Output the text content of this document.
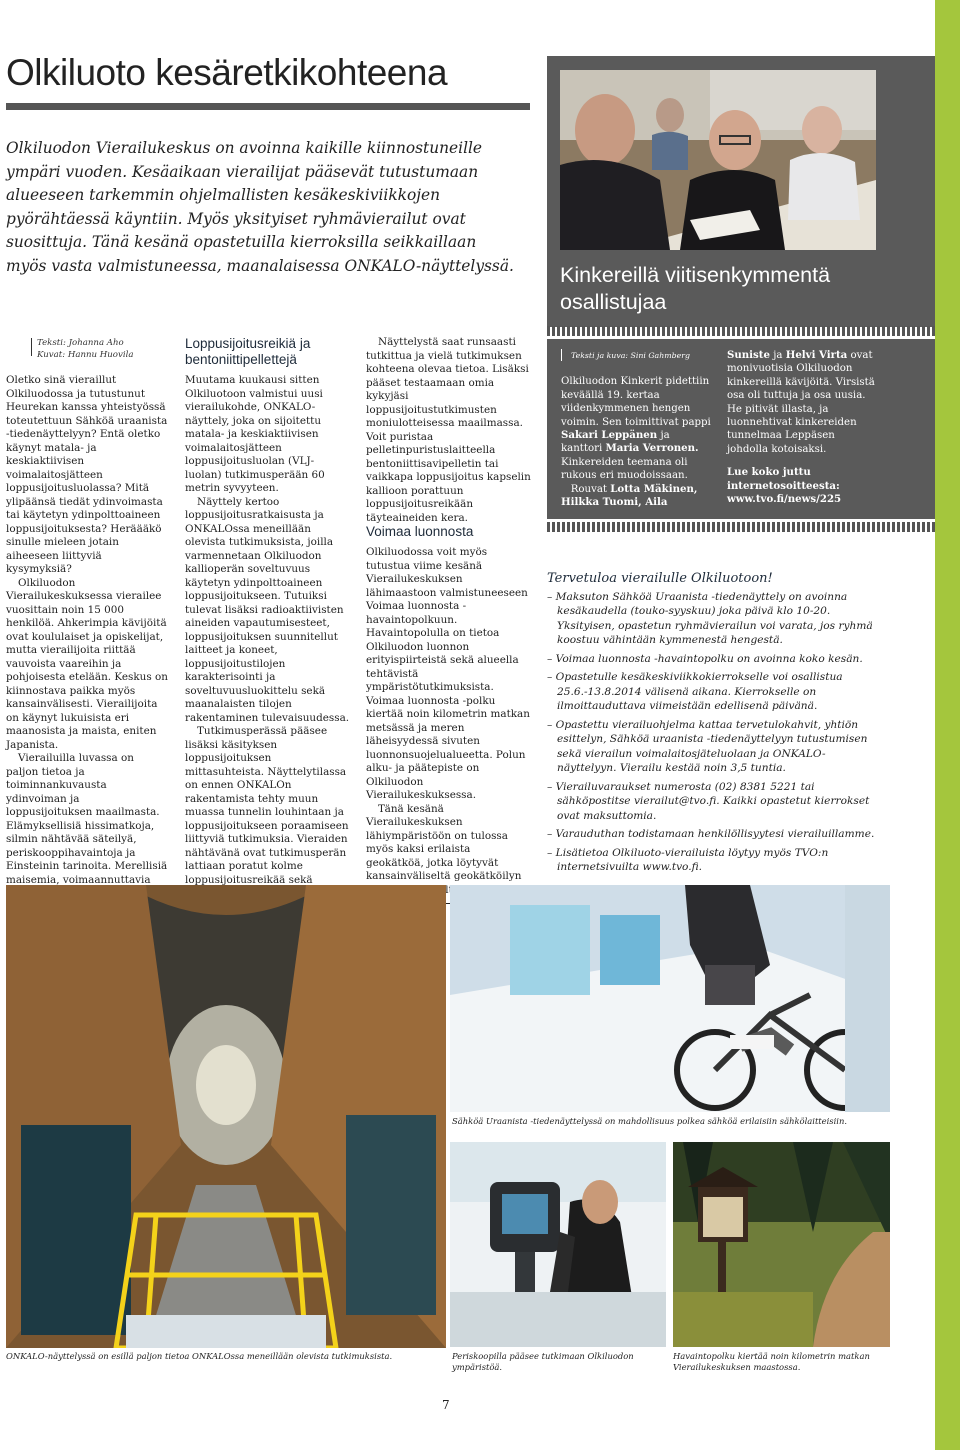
Olkiluoto kesäretkikohteena

Olkiluodon Vierailukeskus on avoinna kaikille kiinnostuneille ympäri vuoden. Kesäaikaan vierailijat pääsevät tutustumaan alueeseen tarkemmin ohjelmallisten kesäkeskiviikkojen pyörähtäessä käyntiin. Myös yksityiset ryhmävierailut ovat suosittuja. Tänä kesänä opastetuilla kierroksilla seikkaillaan myös vasta valmistuneessa, maanalaisessa ONKALO-näyttelyssä.

Teksti: Johanna Aho
Kuvat: Hannu Huovila

Oletko sinä vieraillut Olkiluodossa ja tutustunut Heurekan kanssa yhteistyössä toteutettuun Sähköä uraanista -tiedenäyttelyyn? Entä oletko käynyt matala- ja keskiaktiivisen voimalaitosjätteen loppusijoitusluolassa? Mitä ylipäänsä tiedät ydinvoimasta tai käytetyn ydinpolttoaineen loppusijoituksesta? Heräääkö sinulle mieleen jotain aiheeseen liittyviä kysymyksiä?

Olkiluodon Vierailukeskuksessa vierailee vuosittain noin 15 000 henkilöä. Ahkerimpia kävijöitä ovat koululaiset ja opiskelijat, mutta vierailijoita riittää vauvoista vaareihin ja pohjoisesta etelään. Keskus on kiinnostava paikka myös kansainvälisesti. Vierailijoita on käynyt lukuisista eri maanosista ja maista, eniten Japanista.

Vierailuilla luvassa on paljon tietoa ja toiminnankuvausta ydinvoiman ja loppusijoituksen maailmasta. Elämyksellisiä hissimatkoja, silmin nähtävää säteilyä, periskooppihavaintoja ja Einsteinin tarinoita. Merellisiä maisemia, voimaannuttavia

Loppusijoitusreikiä ja bentoniittipellettejä

Muutama kuukausi sitten Olkiluotoon valmistui uusi vierailukohde, ONKALO-näyttely, joka on sijoitettu matala- ja keskiaktiivisen voimalaitosjätteen loppusijoitusluolan (VLJ-luolan) tutkimusperään 60 metrin syvyyteen.

Näyttely kertoo loppusijoitusratkaisusta ja ONKALOssa meneillään olevista tutkimuksista, joilla varmennetaan Olkiluodon kallioperän soveltuvuus käytetyn ydinpolttoaineen loppusijoitukseen. Tutuiksi tulevat lisäksi radioaktiivisten aineiden vapautumisesteet, loppusijoituksen suunnitellut laitteet ja koneet, loppusijoitustilojen karakterisointi ja soveltuvuusluokittelu sekä maanalaisten tilojen rakentaminen tulevaisuudessa.

Tutkimusperässä pääsee lisäksi käsityksen loppusijoituksen mittasuhteista. Näyttelytilassa on ennen ONKALOn rakentamista tehty muun muassa tunnelin louhintaan ja loppusijoitukseen poraamiseen liittyviä tutkimuksia. Vieraiden nähtävänä ovat tutkimusperän lattiaan poratut kolme loppusijoitusreikää sekä

Näyttelystä saat runsaasti tutkittua ja vielä tutkimuksen kohteena olevaa tietoa. Lisäksi pääset testaamaan omia kykyjäsi loppusijoitustutkimusten moniulotteisessa maailmassa. Voit puristaa pelletinpuristuslaitteella bentoniittisavipelletin tai vaikkapa loppusijoitus kapselin kallioon porattuun loppusijoitusreikään täyteaineiden kera.

Voimaa luonnosta

Olkiluodossa voit myös tutustua viime kesänä Vierailukeskuksen lähimaastoon valmistuneeseen Voimaa luonnosta -havaintopolkuun. Havaintopolulla on tietoa Olkiluodon luonnon erityispiirteistä sekä alueella tehtävistä ympäristötutkimuksista. Voimaa luonnosta -polku kiertää noin kilometrin matkan metsässä ja meren läheisyydessä sivuten luonnonsuojelualueetta. Polun alku- ja päätepiste on Olkiluodon Vierailukeskuksessa.

Tänä kesänä Vierailukeskuksen lähiympäristöön on tulossa myös kaksi erilaista geokätköä, jotka löytyvät kansainväliseltä geokätköilyn

Kinkereillä viitisenkymmentä osallistujaa
Teksti ja kuva: Sini Gahmberg
Olkiluodon Kinkerit pidettiin keväällä 19. kertaa viidenkymmenen hengen voimin. Sen toimittivat pappi Sakari Leppänen ja kanttori Maria Verronen. Kinkereiden teemana oli rukous eri muodoissaan.
Rouvat Lotta Mäkinen, Hilkka Tuomi, Aila
Suniste ja Helvi Virta ovat monivuotisia Olkiluodon kinkereillä kävijöitä. Virsistä osa oli tuttuja ja osa uusia. He pitivät illasta, ja luonnehtivat kinkereiden tunnelmaa Leppäsen johdolla kotoisaksi.
Lue koko juttu internetosoitteesta: www.tvo.fi/news/225
Tervetuloa vierailulle Olkiluotoon!
– Maksuton Sähköä Uraanista -tiedenäyttely on avoinna kesäkaudella (touko-syyskuu) joka päivä klo 10-20. Yksityisen, opastetun ryhmävierailun voi varata, jos ryhmä koostuu vähintään kymmenestä hengestä.
– Voimaa luonnosta -havaintopolku on avoinna koko kesän.
– Opastetulle kesäkeskiviikkokierrokselle voi osallistua 25.6.-13.8.2014 välisenä aikana. Kierrokselle on ilmoittauduttava viimeistään edellisenä päivänä.
– Opastettu vierailuohjelma kattaa tervetulokahvit, yhtiön esittelyn, Sähköä uraanista -tiedenäyttelyyn tutustumisen sekä vierailun voimalaitosjäteluolaan ja ONKALO-näyttelyyn. Vierailu kestää noin 3,5 tuntia.
– Vierailuvaraukset numerosta (02) 8381 5221 tai sähköpostitse vierailut@tvo.fi. Kaikki opastetut kierrokset ovat maksuttomia.
– Varauduthan todistamaan henkilöllisyytesi vierailuillamme.
– Lisätietoa Olkiluoto-vierailuista löytyy myös TVO:n internetsivuilta www.tvo.fi.
Sähköä Uraanista -tiedenäyttelyssä on mahdollisuus polkea sähköä erilaisiin sähkölaitteisiin.
Periskoopilla pääsee tutkimaan Olkiluodon ympäristöä.
Havaintopolku kiertää noin kilometrin matkan Vierailukeskuksen maastossa.
ONKALO-näyttelyssä on esillä paljon tietoa ONKALOssa meneillään olevista tutkimuksista.
7
